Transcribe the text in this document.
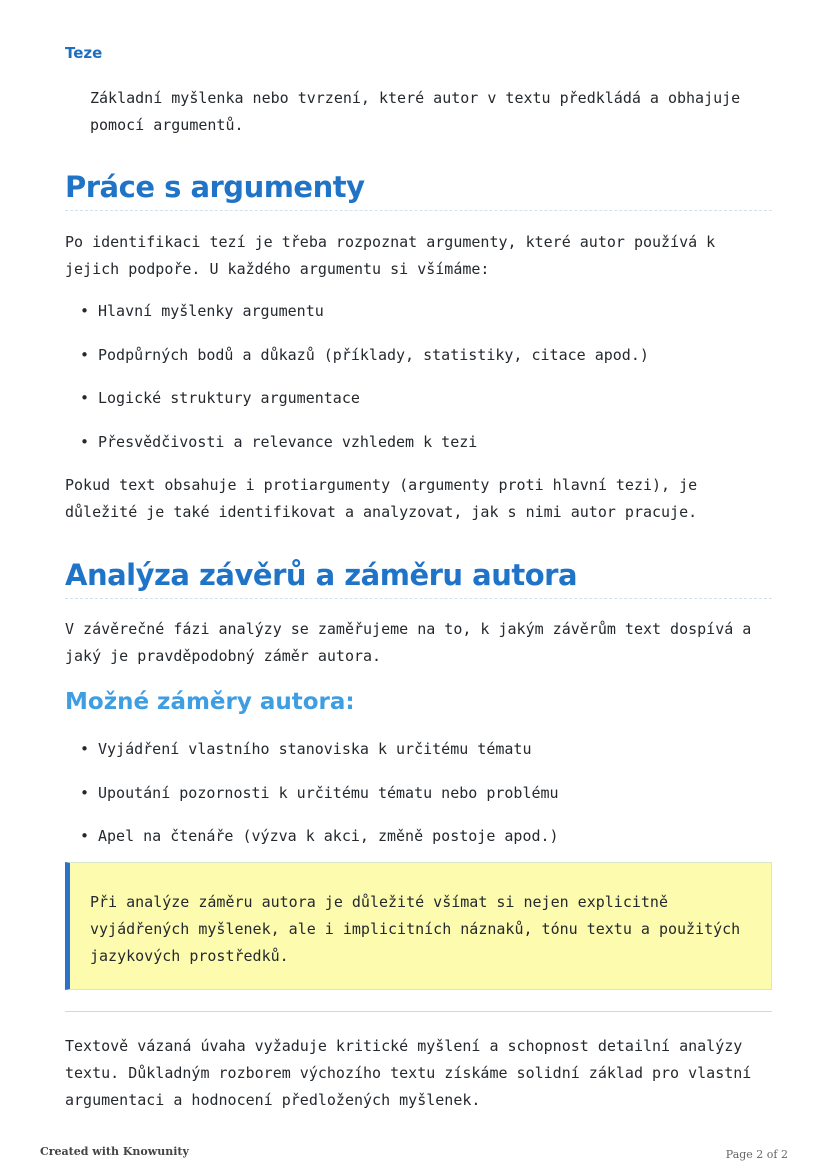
Teze

Základní myšlenka nebo tvrzení, které autor v textu předkládá a obhajuje pomocí argumentů.

Práce s argumenty

Po identifikaci tezí je třeba rozpoznat argumenty, které autor používá k jejich podpoře. U každého argumentu si všímáme:

• Hlavní myšlenky argumentu
• Podpůrných bodů a důkazů (příklady, statistiky, citace apod.)
• Logické struktury argumentace
• Přesvědčivosti a relevance vzhledem k tezi

Pokud text obsahuje i protiargumenty (argumenty proti hlavní tezi), je důležité je také identifikovat a analyzovat, jak s nimi autor pracuje.

Analýza závěrů a záměru autora

V závěrečné fázi analýzy se zaměřujeme na to, k jakým závěrům text dospívá a jaký je pravděpodobný záměr autora.

Možné záměry autora:
• Vyjádření vlastního stanoviska k určitému tématu
• Upoutání pozornosti k určitému tématu nebo problému
• Apel na čtenáře (výzva k akci, změně postoje apod.)

Při analýze záměru autora je důležité všímat si nejen explicitně vyjádřených myšlenek, ale i implicitních náznaků, tónu textu a použitých jazykových prostředků.

Textově vázaná úvaha vyžaduje kritické myšlení a schopnost detailní analýzy textu. Důkladným rozborem výchozího textu získáme solidní základ pro vlastní argumentaci a hodnocení předložených myšlenek.

Created with Knowunity	Page 2 of 2
